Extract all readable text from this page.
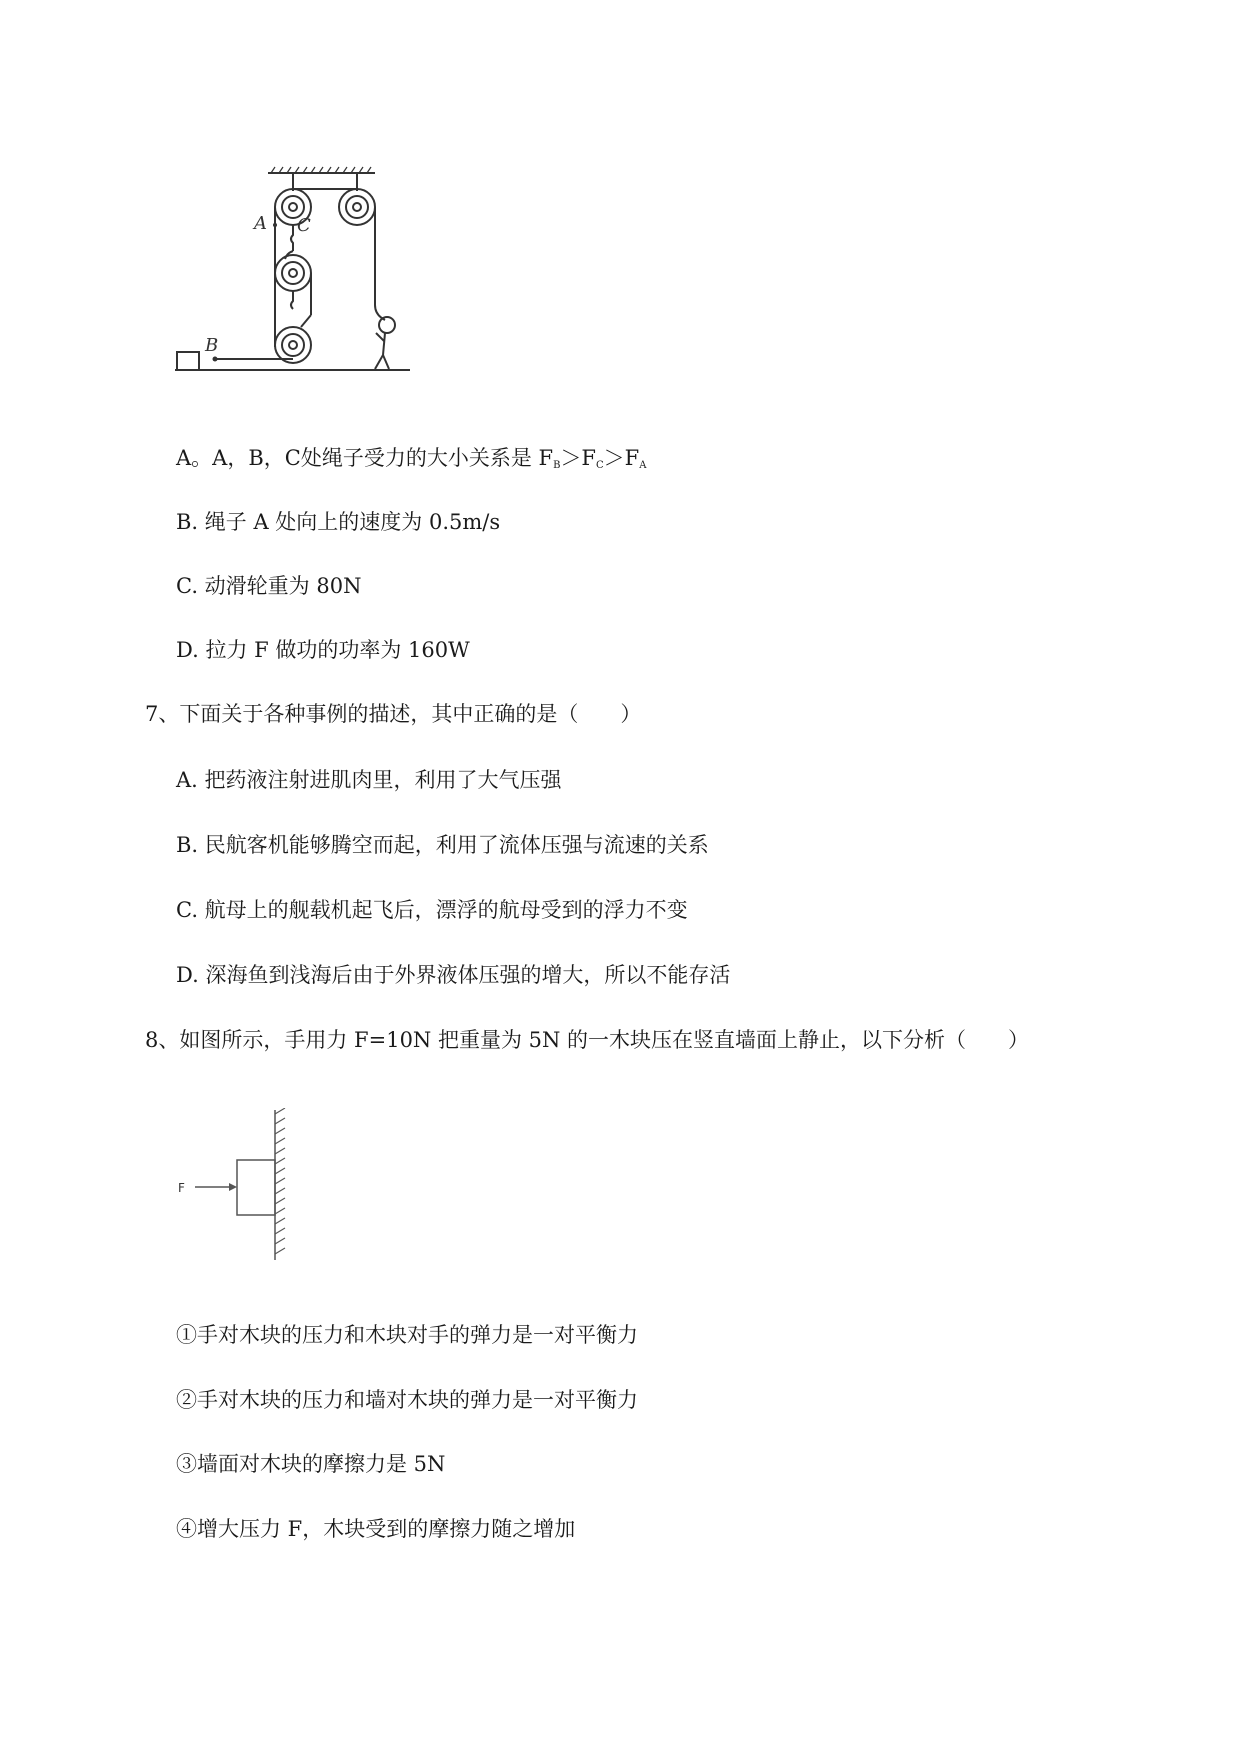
A C
B
A。A，B，C处绳子受力的大小关系是 $F_B>F_C>F_A$
B. 绳子 A 处向上的速度为 0.5m/s
C. 动滑轮重为 80N
D. 拉力 F 做功的功率为 160W
7、下面关于各种事例的描述，其中正确的是（　　）
A. 把药液注射进肌肉里，利用了大气压强
B. 民航客机能够腾空而起，利用了流体压强与流速的关系
C. 航母上的舰载机起飞后，漂浮的航母受到的浮力不变
D. 深海鱼到浅海后由于外界液体压强的增大，所以不能存活
8、如图所示，手用力 F=10N 把重量为 5N 的一木块压在竖直墙面上静止，以下分析（　　）
F
①手对木块的压力和木块对手的弹力是一对平衡力
②手对木块的压力和墙对木块的弹力是一对平衡力
③墙面对木块的摩擦力是 5N
④增大压力 F，木块受到的摩擦力随之增加
